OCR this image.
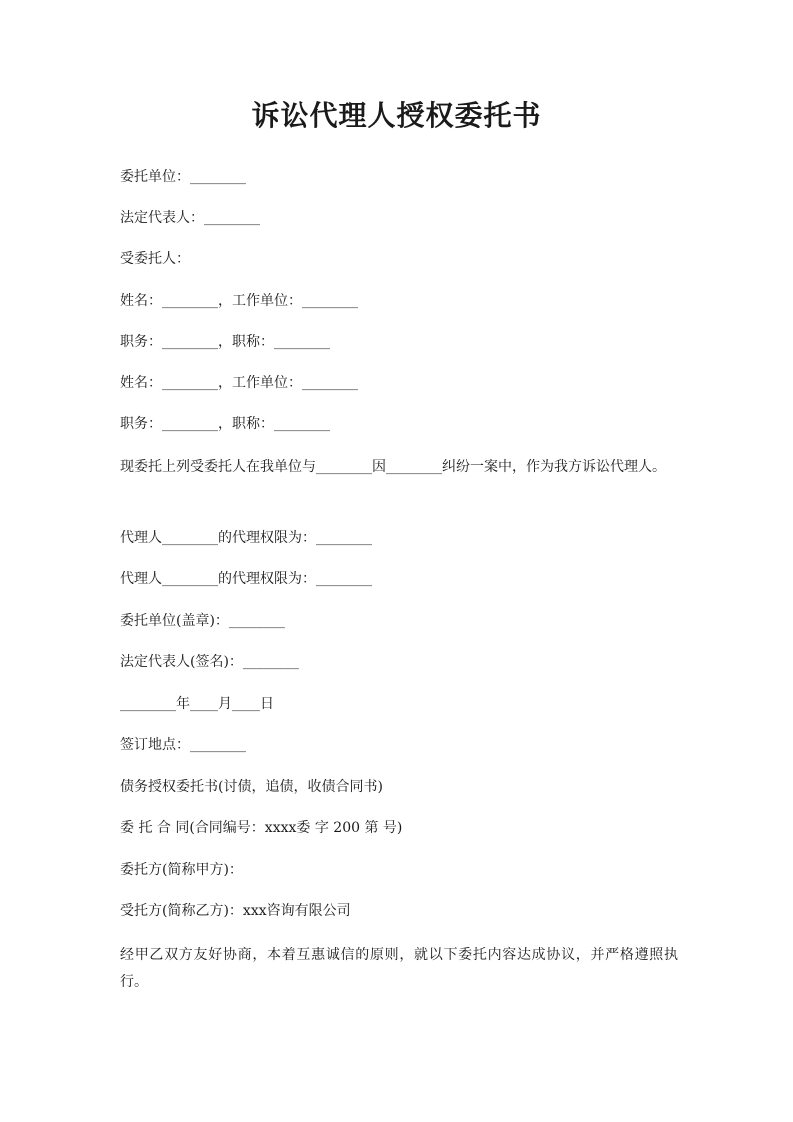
诉讼代理人授权委托书

委托单位：________

法定代表人：________

受委托人：

姓名：________，工作单位：________

职务：________，职称：________

姓名：________，工作单位：________

职务：________，职称：________

现委托上列受委托人在我单位与________因________纠纷一案中，作为我方诉讼代理人。

代理人________的代理权限为：________

代理人________的代理权限为：________

委托单位(盖章)：________

法定代表人(签名)：________

________年____月____日

签订地点：________

债务授权委托书(讨债，追债，收债合同书)

委 托 合 同(合同编号：xxxx委 字 200 第 号)

委托方(简称甲方)：

受托方(简称乙方)：xxx咨询有限公司

经甲乙双方友好协商，本着互惠诚信的原则，就以下委托内容达成协议，并严格遵照执行。
